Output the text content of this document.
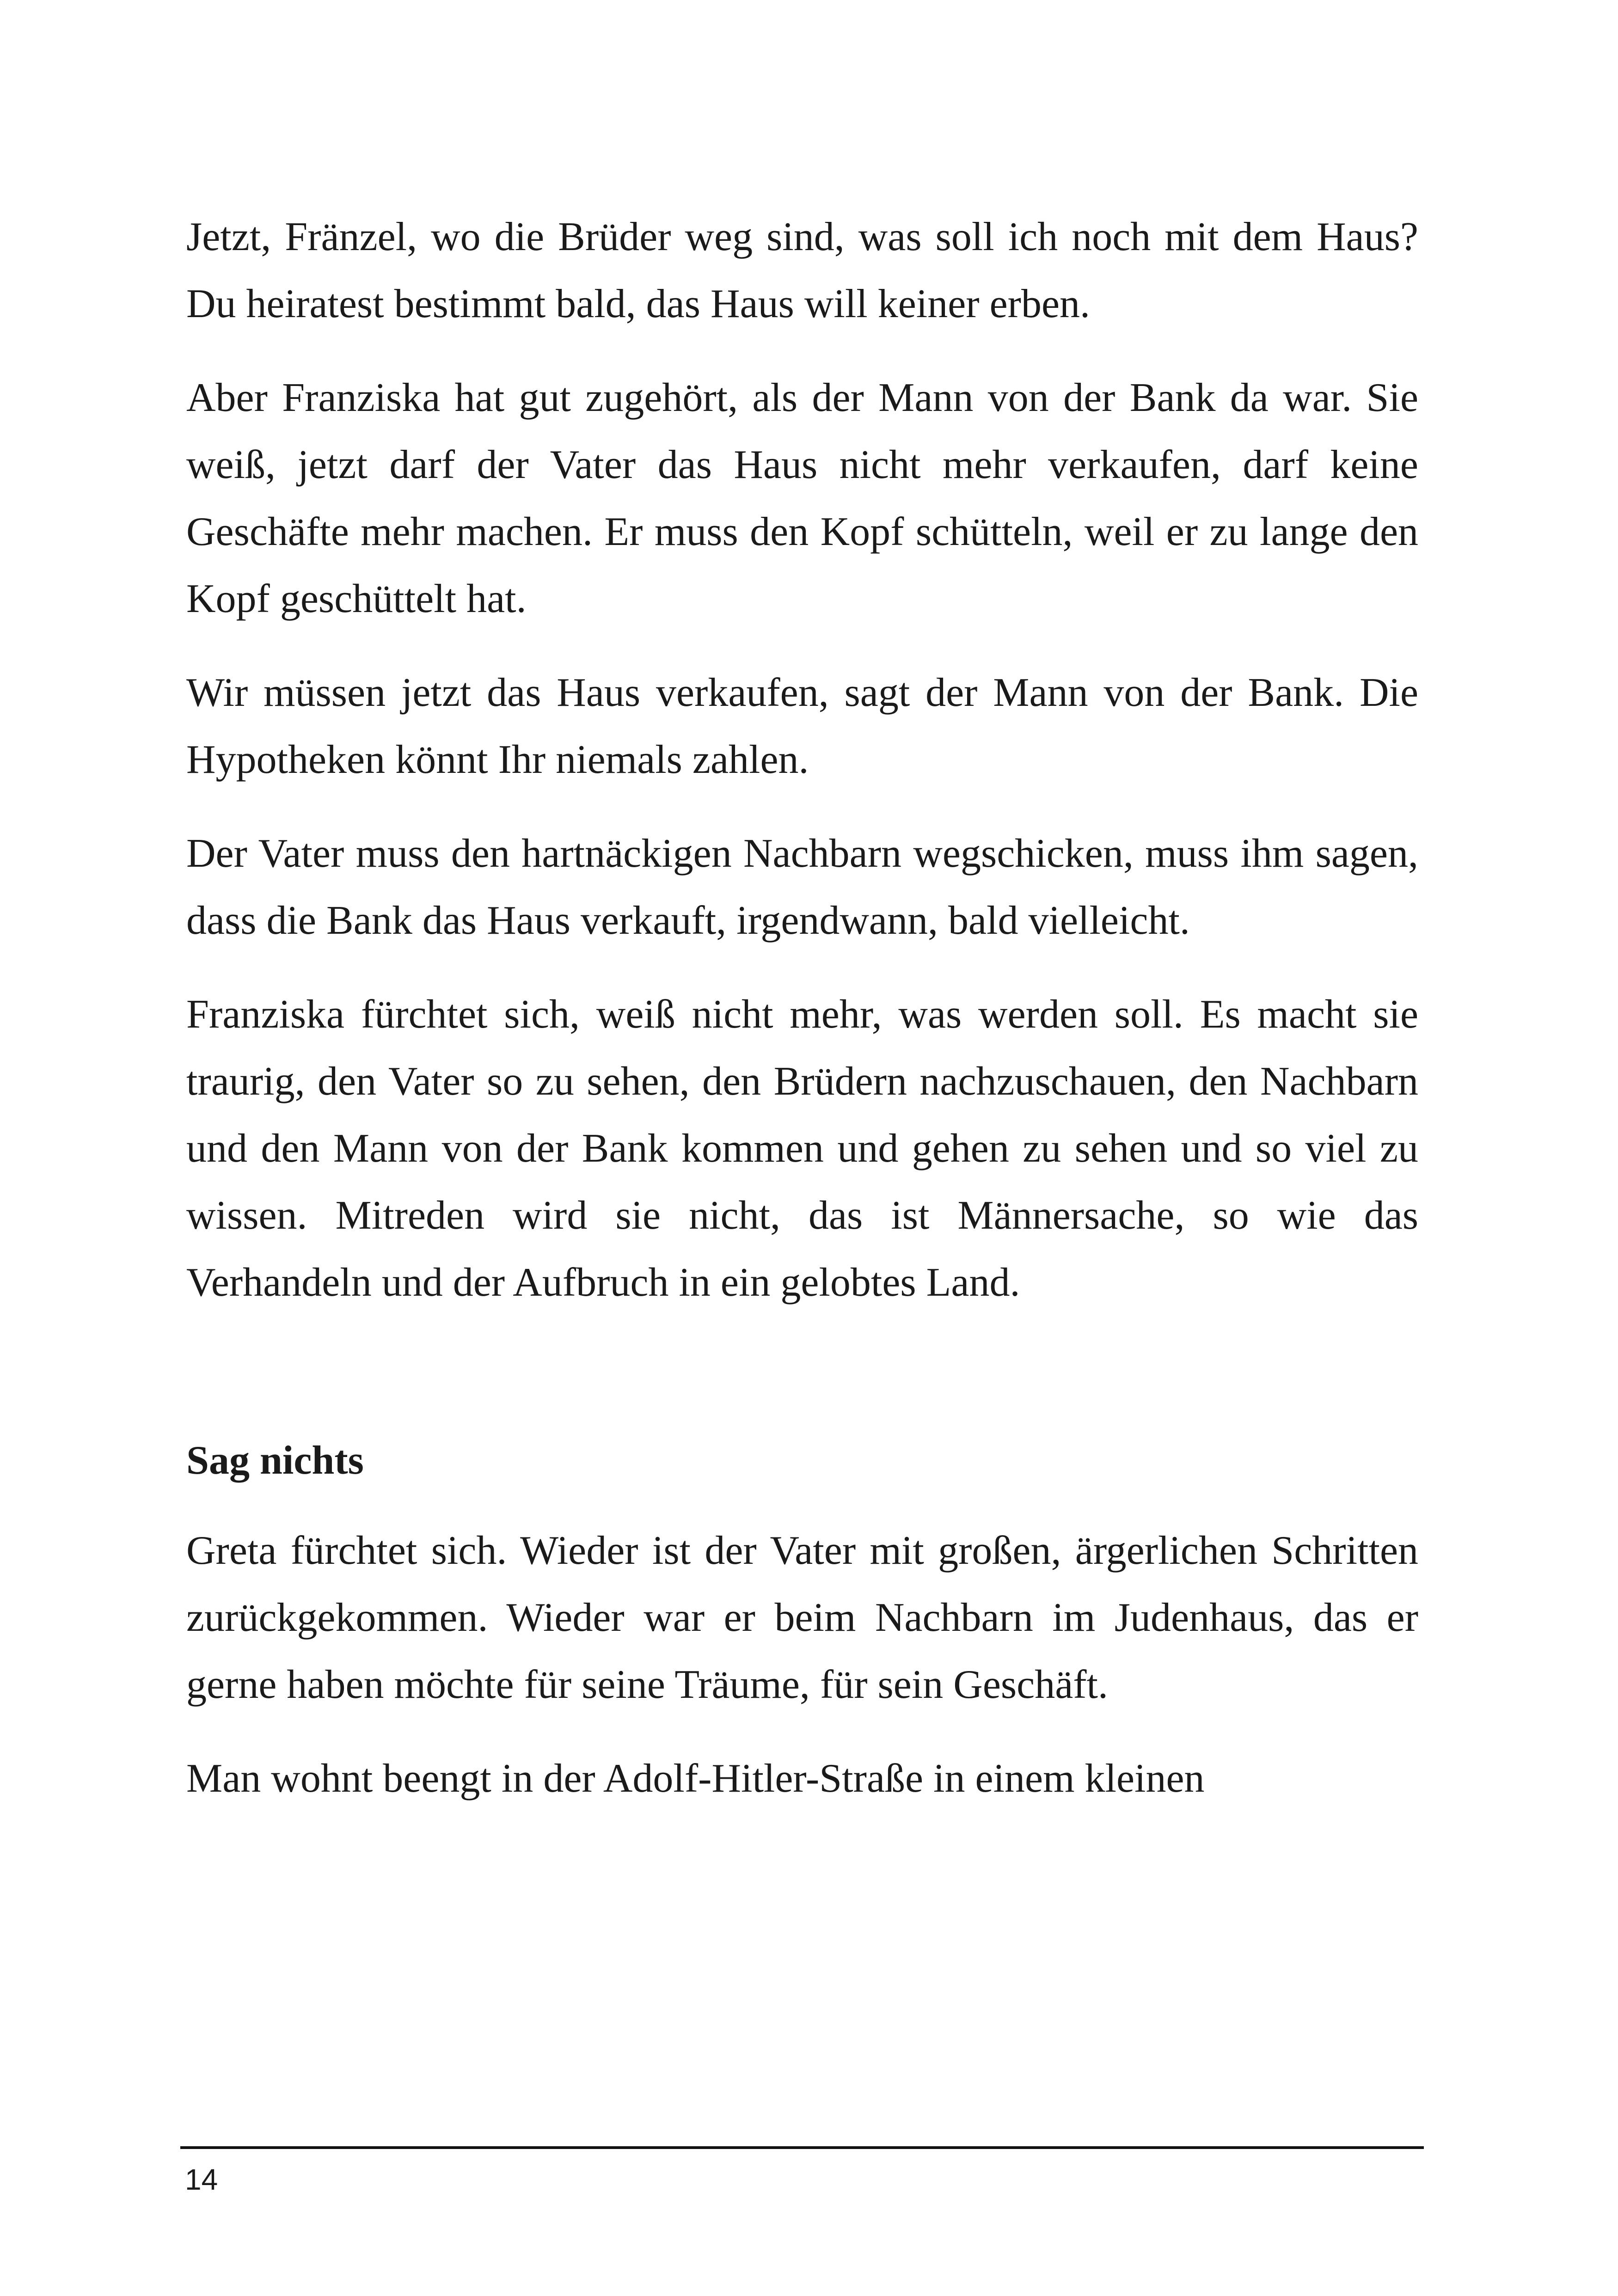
Jetzt, Fränzel, wo die Brüder weg sind, was soll ich noch mit dem Haus? Du heiratest bestimmt bald, das Haus will keiner erben.

Aber Franziska hat gut zugehört, als der Mann von der Bank da war. Sie weiß, jetzt darf der Vater das Haus nicht mehr verkaufen, darf keine Geschäfte mehr machen. Er muss den Kopf schütteln, weil er zu lange den Kopf geschüttelt hat.

Wir müssen jetzt das Haus verkaufen, sagt der Mann von der Bank. Die Hypotheken könnt Ihr niemals zahlen.

Der Vater muss den hartnäckigen Nachbarn wegschicken, muss ihm sagen, dass die Bank das Haus verkauft, irgendwann, bald vielleicht.

Franziska fürchtet sich, weiß nicht mehr, was werden soll. Es macht sie traurig, den Vater so zu sehen, den Brüdern nachzuschauen, den Nachbarn und den Mann von der Bank kommen und gehen zu sehen und so viel zu wissen. Mitreden wird sie nicht, das ist Männersache, so wie das Verhandeln und der Aufbruch in ein gelobtes Land.

Sag nichts

Greta fürchtet sich. Wieder ist der Vater mit großen, ärgerlichen Schritten zurückgekommen. Wieder war er beim Nachbarn im Judenhaus, das er gerne haben möchte für seine Träume, für sein Geschäft.

Man wohnt beengt in der Adolf-Hitler-Straße in einem kleinen

14
